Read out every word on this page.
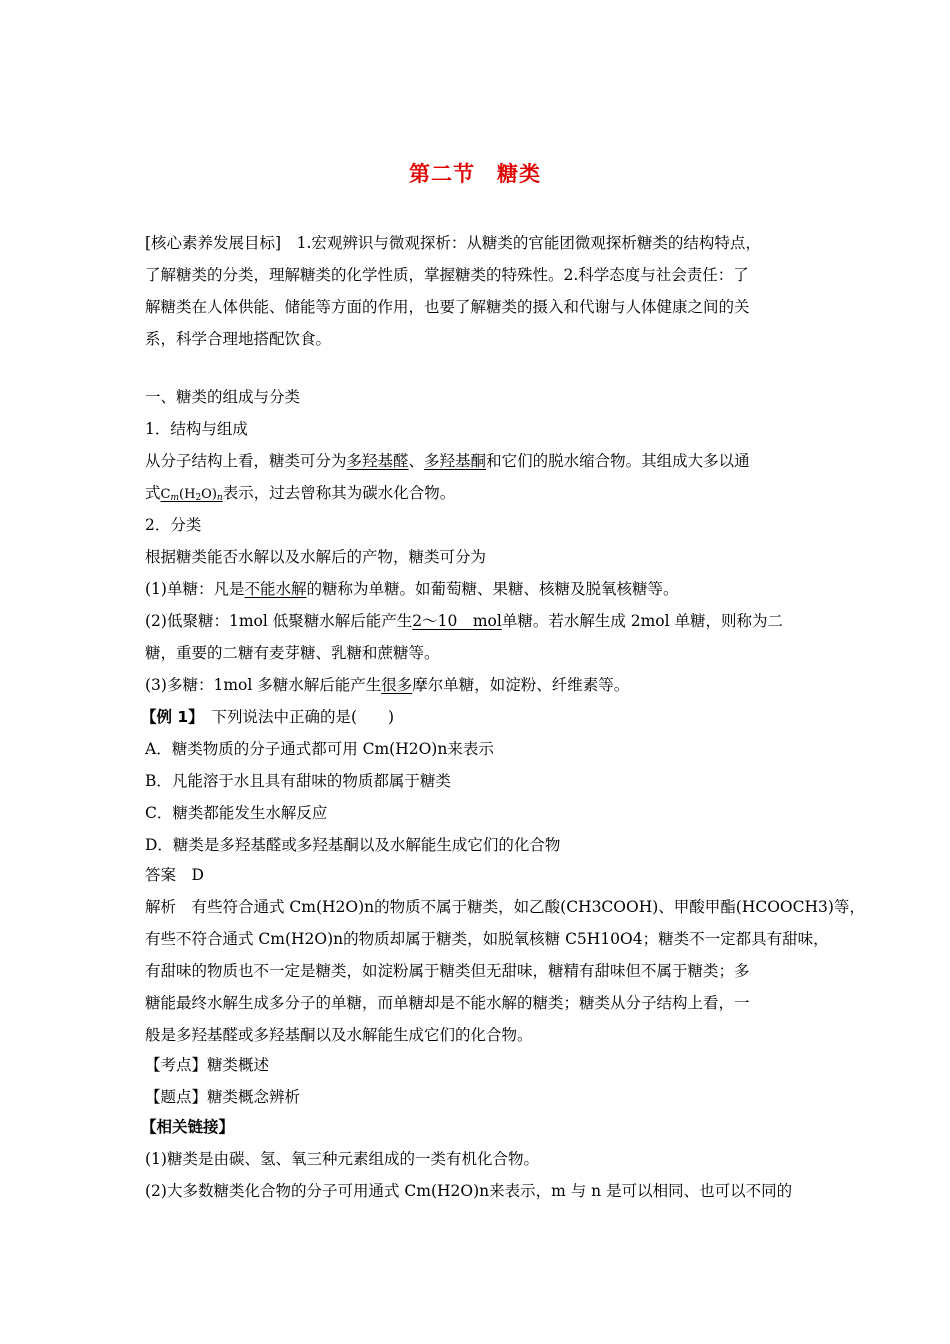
第二节　糖类
[核心素养发展目标]　1.宏观辨识与微观探析：从糖类的官能团微观探析糖类的结构特点，
了解糖类的分类，理解糖类的化学性质，掌握糖类的特殊性。2.科学态度与社会责任：了
解糖类在人体供能、储能等方面的作用，也要了解糖类的摄入和代谢与人体健康之间的关
系，科学合理地搭配饮食。
一、糖类的组成与分类
1．结构与组成
从分子结构上看，糖类可分为多羟基醛、多羟基酮和它们的脱水缩合物。其组成大多以通
式$C_m(H_2O)_n$表示，过去曾称其为碳水化合物。
2．分类
根据糖类能否水解以及水解后的产物，糖类可分为
(1)单糖：凡是不能水解的糖称为单糖。如葡萄糖、果糖、核糖及脱氧核糖等。
(2)低聚糖：1mol 低聚糖水解后能产生2～10　mol单糖。若水解生成 2mol 单糖，则称为二
糖，重要的二糖有麦芽糖、乳糖和蔗糖等。
(3)多糖：1mol 多糖水解后能产生很多摩尔单糖，如淀粉、纤维素等。
【例 1】　下列说法中正确的是(　　)
A．糖类物质的分子通式都可用 Cm(H2O)n来表示
B．凡能溶于水且具有甜味的物质都属于糖类
C．糖类都能发生水解反应
D．糖类是多羟基醛或多羟基酮以及水解能生成它们的化合物
答案　D
解析　有些符合通式 Cm(H2O)n的物质不属于糖类，如乙酸(CH3COOH)、甲酸甲酯(HCOOCH3)等，
有些不符合通式 Cm(H2O)n的物质却属于糖类，如脱氧核糖 C5H10O4；糖类不一定都具有甜味，
有甜味的物质也不一定是糖类，如淀粉属于糖类但无甜味，糖精有甜味但不属于糖类；多
糖能最终水解生成多分子的单糖，而单糖却是不能水解的糖类；糖类从分子结构上看，一
般是多羟基醛或多羟基酮以及水解能生成它们的化合物。
【考点】糖类概述
【题点】糖类概念辨析
【相关链接】
(1)糖类是由碳、氢、氧三种元素组成的一类有机化合物。
(2)大多数糖类化合物的分子可用通式 Cm(H2O)n来表示，m 与 n 是可以相同、也可以不同的
